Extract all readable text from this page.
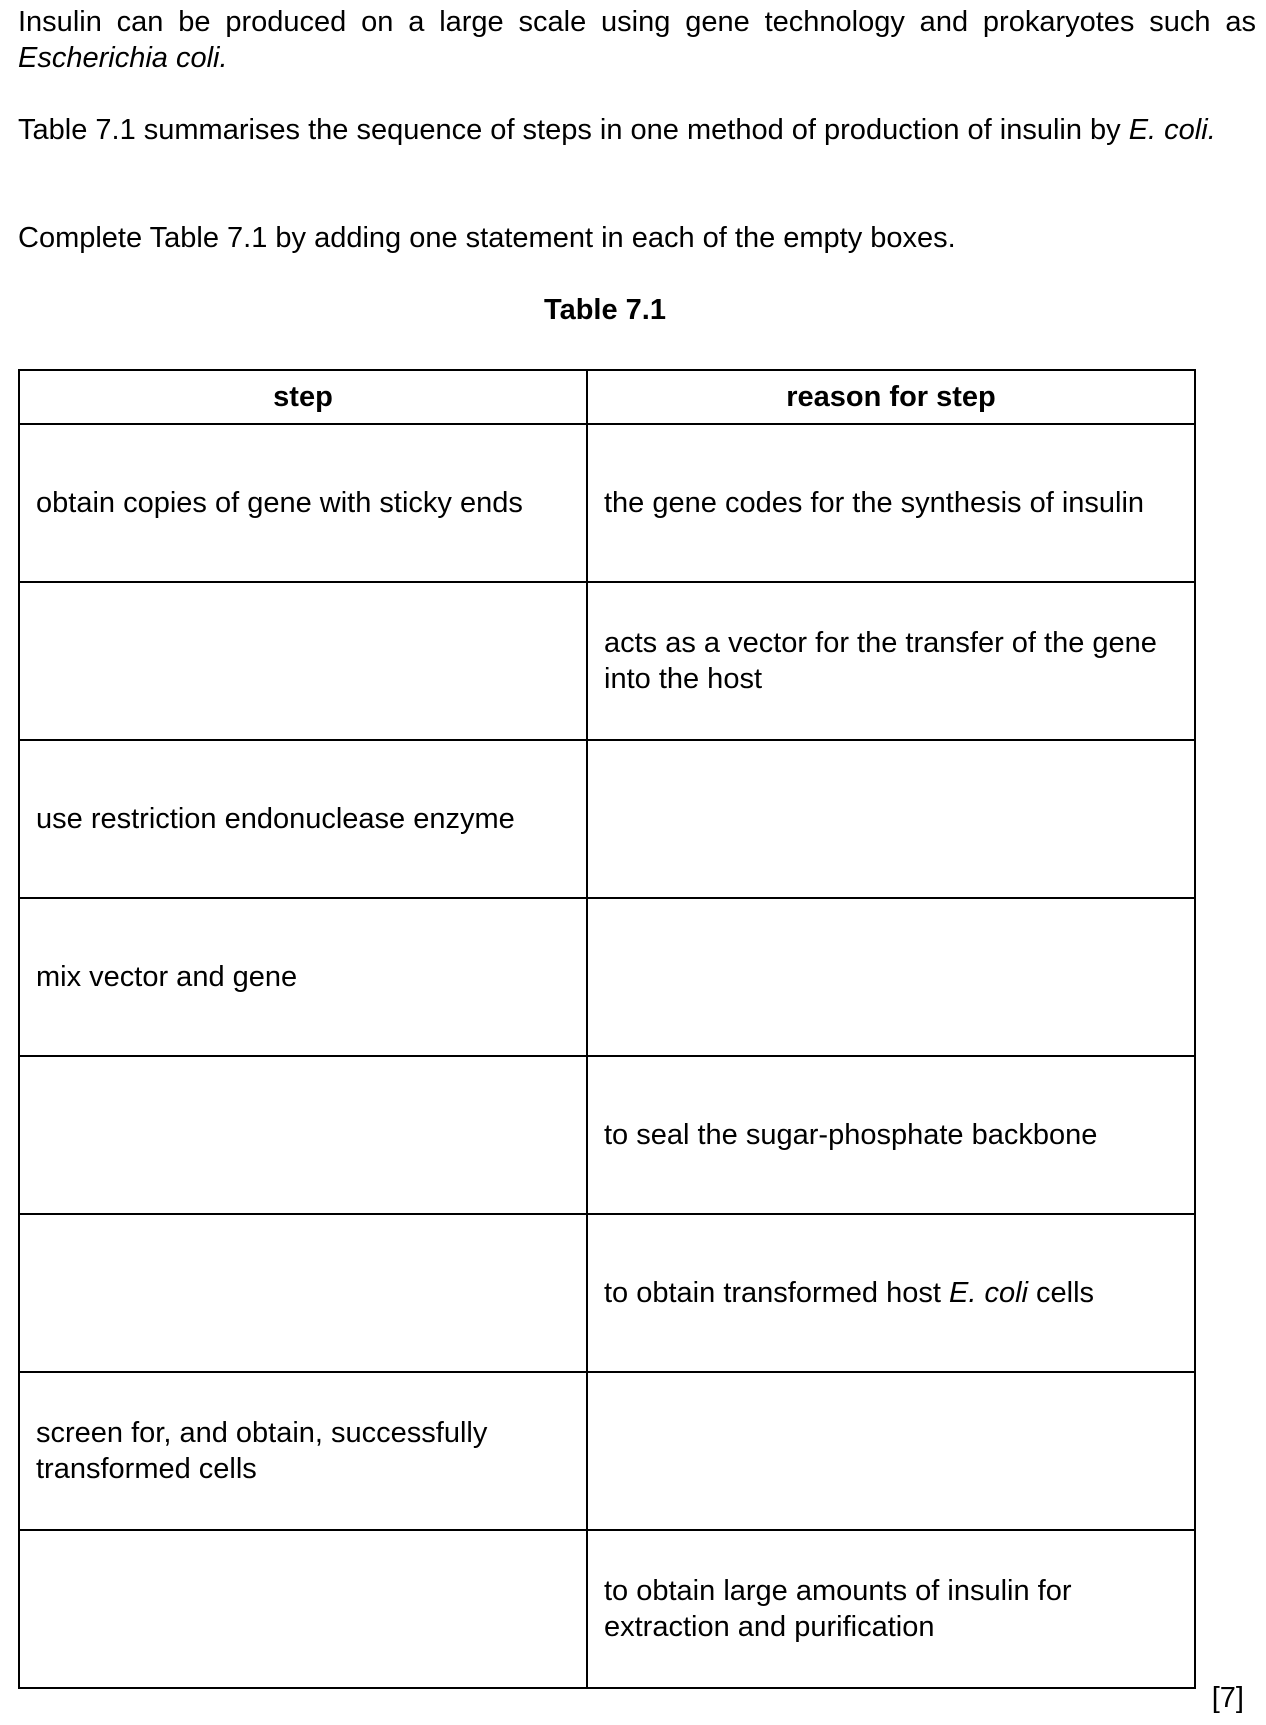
Insulin can be produced on a large scale using gene technology and prokaryotes such as Escherichia coli.

Table 7.1 summarises the sequence of steps in one method of production of insulin by E. coli.

Complete Table 7.1 by adding one statement in each of the empty boxes.

Table 7.1

step	reason for step
obtain copies of gene with sticky ends	the gene codes for the synthesis of insulin
	acts as a vector for the transfer of the gene into the host
use restriction endonuclease enzyme	
mix vector and gene	
	to seal the sugar-phosphate backbone
	to obtain transformed host E. coli cells
screen for, and obtain, successfully transformed cells	
	to obtain large amounts of insulin for extraction and purification

[7]
